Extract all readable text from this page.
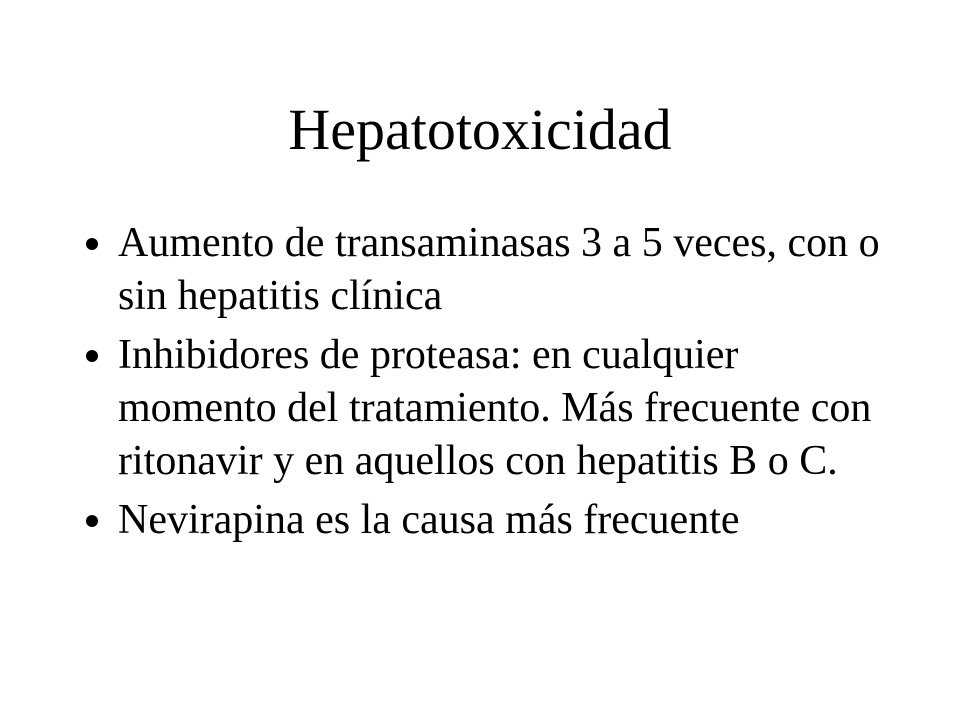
Hepatotoxicidad
Aumento de transaminasas 3 a 5 veces, con o sin hepatitis clínica
Inhibidores de proteasa: en cualquier momento del tratamiento. Más frecuente con ritonavir y en aquellos con hepatitis B o C.
Nevirapina es la causa más frecuente
